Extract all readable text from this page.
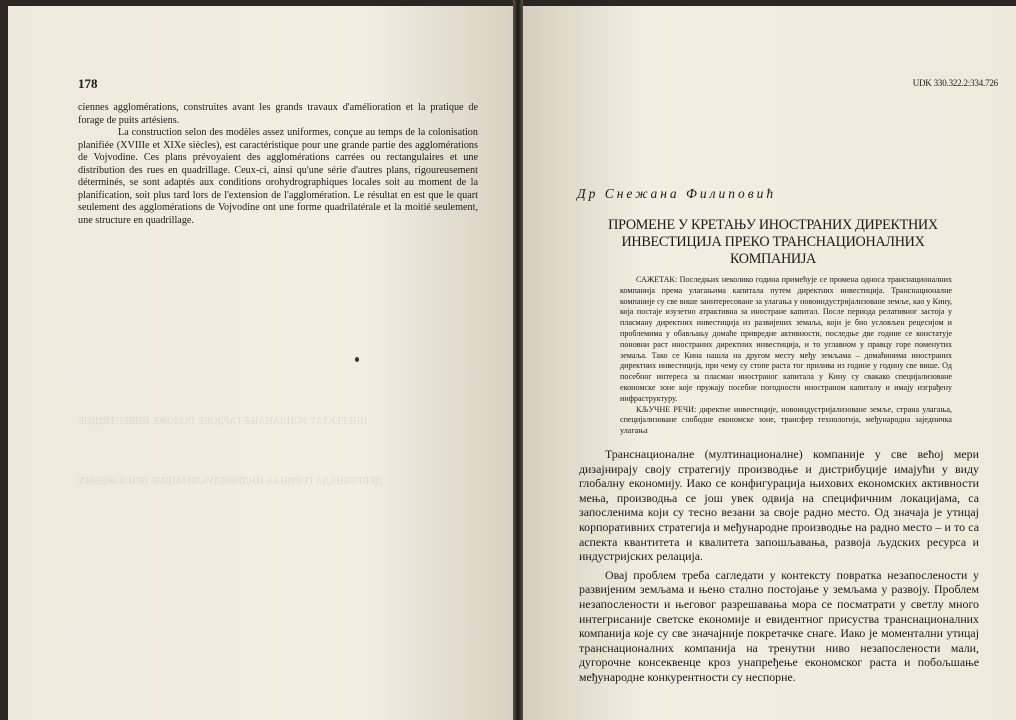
ИНЕРЕКТАТ УОПЛАНАЊЕ ГАРДОВЕ ПОЛОЖЕ ИНВЕСТИЦИЈЕ
ДЕВРЕВНАДА ГОРИНАА ИНДИВИДУАЛИЗАЦИЈЕ ПРИЛОЖЕНИХ
178

ciennes agglomérations, construites avant les grands travaux d'amélioration et la pratique de forage de puits artésiens.

La construction selon des modèles assez uniformes, conçue au temps de la colonisation planifiée (XVIIIe et XIXe siècles), est caractéristique pour une grande partie des agglomérations de Vojvodine. Ces plans prévoyaient des agglomérations carrées ou rectangulaires et une distribution des rues en quadrillage. Ceux-ci, ainsi qu'une série d'autres plans, rigoureusement déterminés, se sont adaptés aux conditions orohydrographiques locales soit au moment de la planification, soit plus tard lors de l'extension de l'agglomération. Le résultat en est que le quart seulement des agglomérations de Vojvodine ont une forme quadrilatérale et la moitié seulement, une structure en quadrillage.

UDK 330.322.2:334.726
Др Снежана Филиповић
ПРОМЕНЕ У КРЕТАЊУ ИНОСТРАНИХ ДИРЕКТНИХ ИНВЕСТИЦИЈА ПРЕКО ТРАНСНАЦИОНАЛНИХ КОМПАНИЈА

САЖЕТАК: Последњих неколико година примећује се промена односа транснационалних компанија према улагањима капитала путем директних инвестиција. Транснационалне компаније су све више заинтересоване за улагања у новоиндустријализоване земље, као у Кину, која постаје изузетно атрактивна за иностране капитал. После периода релативног застоја у пласману директних инвестиција из развијених земаља, који је био условљен рецесијом и проблемима у обављању домаће привредне активности, последње две године се констатује поновни раст иностраних директних инвестиција, и то углавном у правцу горе поменутих земаља. Тако се Кина нашла на другом месту међу земљама – домаћинима иностраних директних инвестиција, при чему су стопе раста тог прилива из године у годину све више. Од посебног интереса за пласман иностраног капитала у Кину су свакако специјализоване економске зоне које пружају посебне погодности иностраном капиталу и имају изграђену инфраструктуру.

КЉУЧНЕ РЕЧИ: директне инвестиције, новоиндустријализоване земље, страна улагања, специјализоване слободне економске зоне, трансфер технологија, међународна заједничка улагања

Транснационалне (мултинационалне) компаније у све већој мери дизајнирају своју стратегију производње и дистрибуције имајући у виду глобалну економију. Иако се конфигурација њихових економских активности мења, производња се још увек одвија на специфичним локацијама, са запосленима који су тесно везани за своје радно место. Од значаја је утицај корпоративних стратегија и међународне производње на радно место – и то са аспекта квантитета и квалитета запошљавања, развоја људских ресурса и индустријских релација.

Овај проблем треба сагледати у контексту повратка незапослености у развијеним земљама и њено стално постојање у земљама у развоју. Проблем незапослености и његовог разрешавања мора се посматрати у светлу много интегрисаније светске економије и евидентног присуства транснационалних компанија које су све значајније покретачке снаге. Иако је моментални утицај транснационалних компанија на тренутни ниво незапослености мали, дугорочне консеквенце кроз унапређење економског раста и побољшање међународне конкурентности су неспорне.
